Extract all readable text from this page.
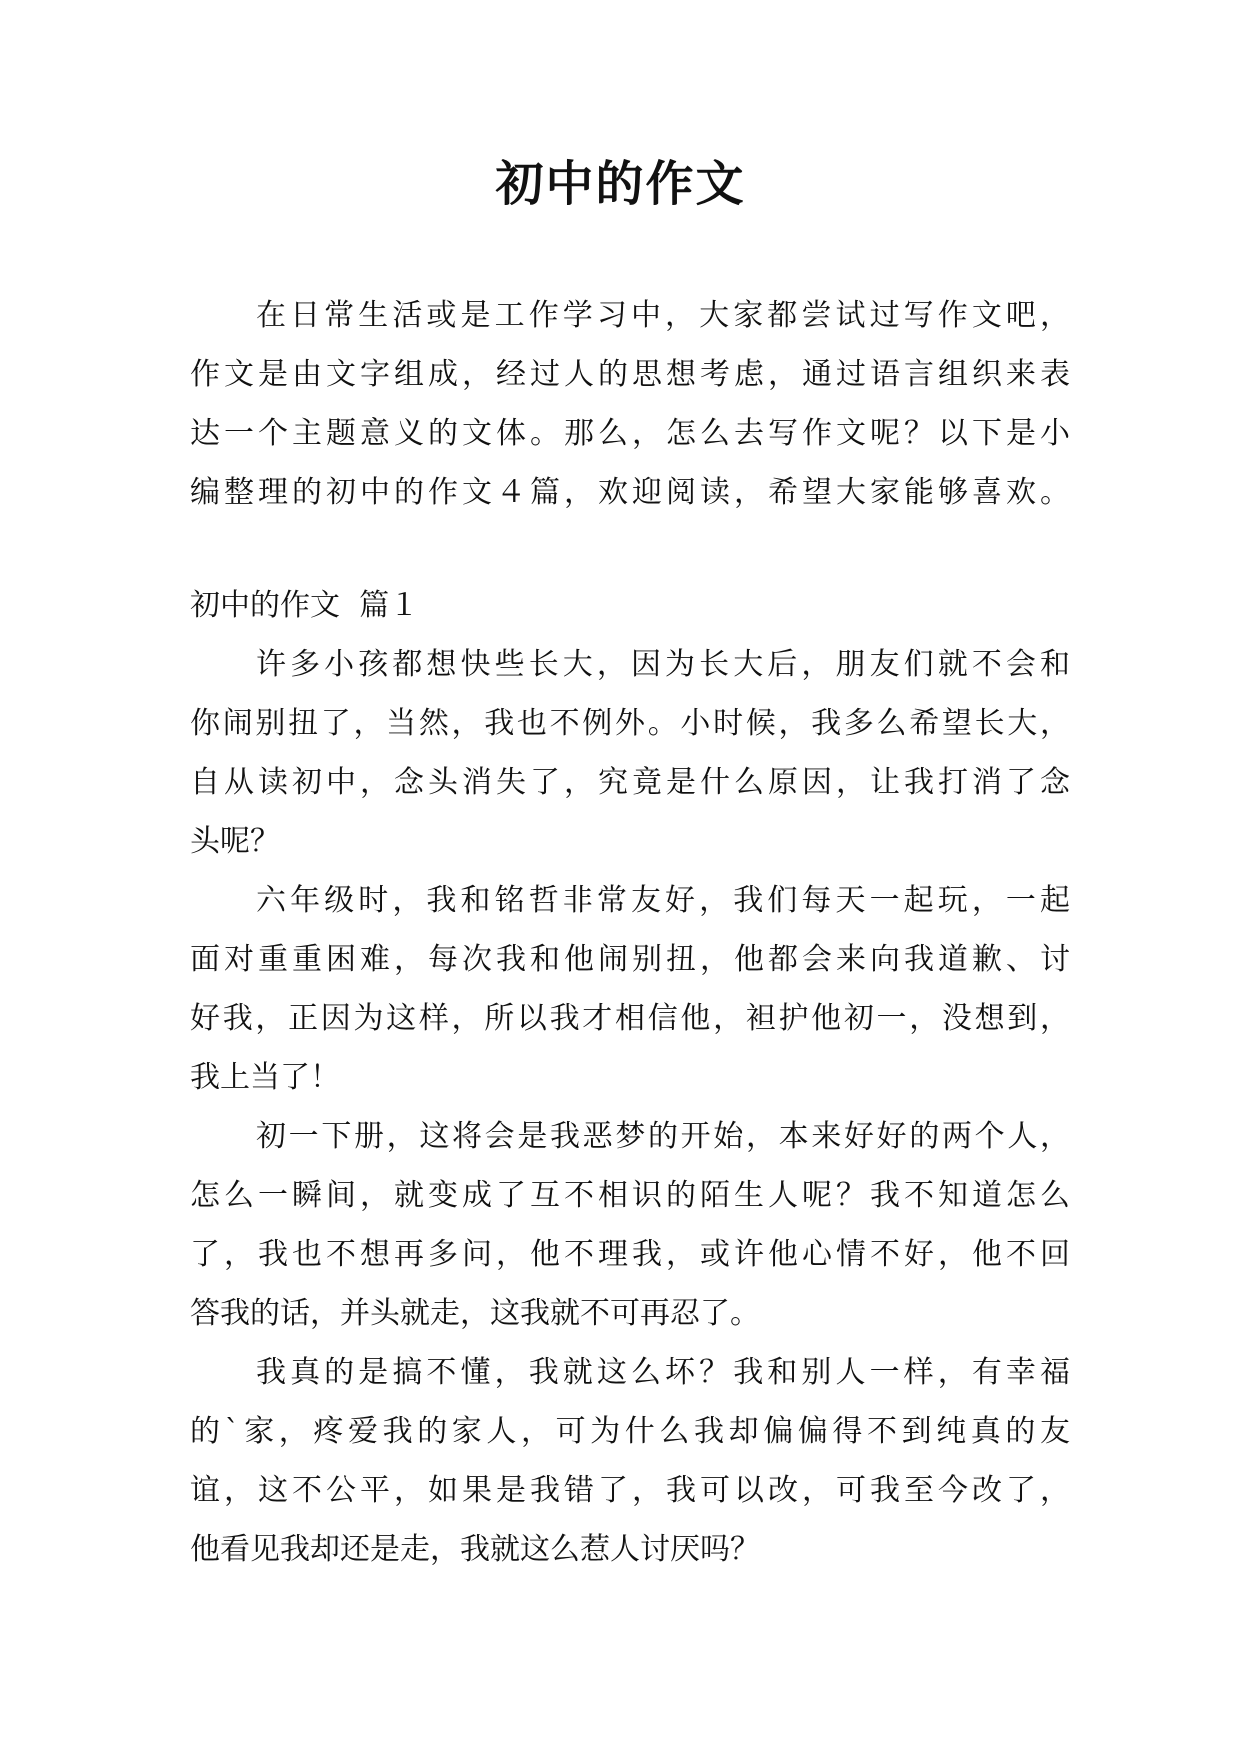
初中的作文
在日常生活或是工作学习中，大家都尝试过写作文吧，
作文是由文字组成，经过人的思想考虑，通过语言组织来表
达一个主题意义的文体。那么，怎么去写作文呢？以下是小
编整理的初中的作文４篇，欢迎阅读，希望大家能够喜欢。
初中的作文  篇１
许多小孩都想快些长大，因为长大后，朋友们就不会和
你闹别扭了，当然，我也不例外。小时候，我多么希望长大，
自从读初中，念头消失了，究竟是什么原因，让我打消了念
头呢？
六年级时，我和铭哲非常友好，我们每天一起玩，一起
面对重重困难，每次我和他闹别扭，他都会来向我道歉、讨
好我，正因为这样，所以我才相信他，袒护他初一，没想到，
我上当了！
初一下册，这将会是我恶梦的开始，本来好好的两个人，
怎么一瞬间，就变成了互不相识的陌生人呢？我不知道怎么
了，我也不想再多问，他不理我，或许他心情不好，他不回
答我的话，并头就走，这我就不可再忍了。
我真的是搞不懂，我就这么坏？我和别人一样，有幸福
的`家，疼爱我的家人，可为什么我却偏偏得不到纯真的友
谊，这不公平，如果是我错了，我可以改，可我至今改了，
他看见我却还是走，我就这么惹人讨厌吗？
